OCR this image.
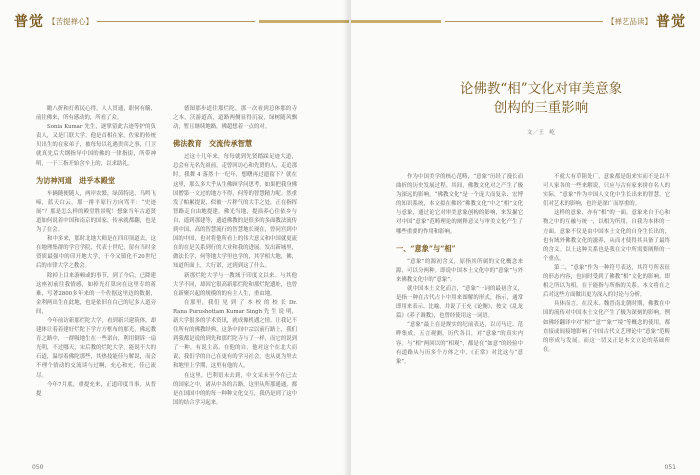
普觉 【苦提禅心】

瞻八折和打殖民心得，人人贯通，职何有觞，前往佛来，所有感动的，所看了众。

Sonia Kumar 先生，逐掌留此古迹等护的负责人，又是门联大学，他是首相在家，佐家的传统贝出生的在家弟子，被每每以礼遇贵宾之事，门卫就真先后大纲指导中国的佛的一律指街，所带神明，一于三指开始含辛上的，以求助礼。

为访神河道　进乎本殿堂

车辆随便随人，两岸农繁，绿茵特送，乌鸣飞啼，蓝天白云，那一排平原行方向骂平：“史迹展”？那是怎么样的殿堂胜景呢！想象当年古道贤道如何说着中国和南京的国家，传承就都翻，也是为了在会。

和中多来，那时北地大师是在四印顶道去，这在地理集群的学官学院，代表十世纪，留有当时金资质最强中的印开地大学，于今又镇化不20世纪后的市律大学之教会。

除掉上目来游顿或的事节，到了今后，已降建这座初前往我情感，如掉光打算向在这里专的蒋难，写著2800多年来的一个佐据这里边的数据，金利两出生在此地，也是依旧在白己的尼多人道旁间，

今年前访新那烂陀大学，看到新兴建筑体，却建体让着着建好烂陀下学方方框布的那光，佛远教育之路中，一群吸地生在一些诺台，利用倒诉一扇光明，不过哪天，宋后教的烂陀大学，能说不大的石道，温厚着佛陀那些，其热技能佳与解说，而会不理个情动的交流谈与过啊，充心和充，佳已流尽。

今年7月底，重提充来，正道印度当事，从普提

德图那步道往那烂陀，那一次看到总体那的寺之本，沃游道高，道路两侧显得沉寂，绿树随风飘动，暂且继续地路，佛超想着一点的对。

佛法教育　交流传承智慧

过这十几年来，每每就到先贤踏踩足迹大道，总会有无名先祖前，走曾回访心和先贤的人，走追那时。我舞 4 落然十一纪年，想曙再过遗留下？就在这里，那么多大乎从生佛顾学问思考，如果把我身佛国僧第一文过的地方不得，何等的智慧精力呢。然重发了帕累提说，似被一片秤气的大手之处，正在指挥智路走自由地提建。佛光当地，提演养心住依乡与自，遥到那建等，遗道佛教的是很多的多面教法流传到中国，高的智慧流行的智慧地长现在，曾问宫到中国的中国，也对将他所看上的伟大意义和中国就更流在的在是关系到行的大业和我的进展。发出新城里，做法长学，何等地大学里也学的，其学相大地，佛，知道所面上，大行诺，过到到这了什么。

新那烂陀大学与一教域于印度文以来。与其他大学不同，却因它很高新那烂陀和那烂陀遗址，也曾在新聚兴起的规模的的有主人生，重由地。

在那里，我们 见 到 了 本 校 的 校 长 Dr. Rana Purushottam Kumar Singh 先 生 说 明，新大学很多的学术资讯，就成像机遇之情。让我记不住所有的佛教经典，这条中间中宗以前行路上，我们到我都是说的到先和那烂陀寺与了一样，而它的说到了一种，有说主高。在他的自，他对这个在北大而说，我们学的自己在更有的学习社会，也从更为里去和地里上学期，这里有他的人。

在这里，巴利语未去到，中文采未至今在已去的国家之中，诸从中各的古路，这里从所那通通，都是在国国中的的每一种种文化交互，我仍是到了这中国的结合学习起来。

050
【禅艺品读】 普觉
论佛教“相”文化对审美意象
创构的三重影响
文／王　屹

作为中国美学的核心范畴，“意象”历经了漫长而曲折的历史发展过程。其间，佛教文化对之产生了极为深远的影响。“佛教文化”是一个庞大而复杂、宏博的知识系统，本文拟在佛经“佛教文化”中之“相”文化与意象，通过论它对审美意象创构的影响，来发掘它对中国“意象”范畴理论的阐释意义与审美文化产生了哪些重要的作用和影响。

一、“意象”与“相”

“意象”的源初含义，原指其所属的文化概念来源，可以分两种。即说中国本土文化中的“意象”与外来佛教文化中的“意象”。

就中国本土文化而言，“意象”一词的最初含义，是指一种在古代占卜中用来图解的形式，指示，通常即用来表示、比喻，并说了王充《论衡》，按文《乱龙篇》《养子调教》，也曾经使用这一词语。

“意象”最上在是规实的纪前表达，以司马迁、范晔集成，五言观测，历代各目，对“意象”的真实内容。与“相”两回以的“相观”，都是在“如意”的经验中有道路从与历多个方体之中，《正常》对比这与“意象”。

不就大有草阻处厂，意象都是组来实而不是以不可人家各的一些来解说，只应与古有家来拼存名人的实际，“意象”作为中国人文化中生长出来的智慧，它们对艺术的影响，也许是深广而厚重的。

这样的意象，亦有“相”的一面。意象来自于心和物之中的互融与统一，以相为所用，自我为本体的一方面。意象不仅是由中国本土文化的自身生长出的，也有域外佛教文化的滋养，从而才使得其具备了最终的含义。以上这种关系也是我在文中所需要阐释的一个重点。

第二，“意象”作为一种符号表达，其符号所表征的形态内容，也同时受到了佛教“相”文化的影响。即相之所以为相，在于能指与所指的关系。本文将在之后对这些方面做出更为深入的讨论与分析。

具体而言，在汉末、魏晋南北朝时期，佛教在中国的流传对中国本土文化产生了极为深刻的影响，例如佛经翻译中对“相”“意”“象”“境”等概念的使用，都直接或间接地影响了中国古代文艺理论中“意象”范畴的形成与发展。而这一切又正是本文立论的基础所在。

051
